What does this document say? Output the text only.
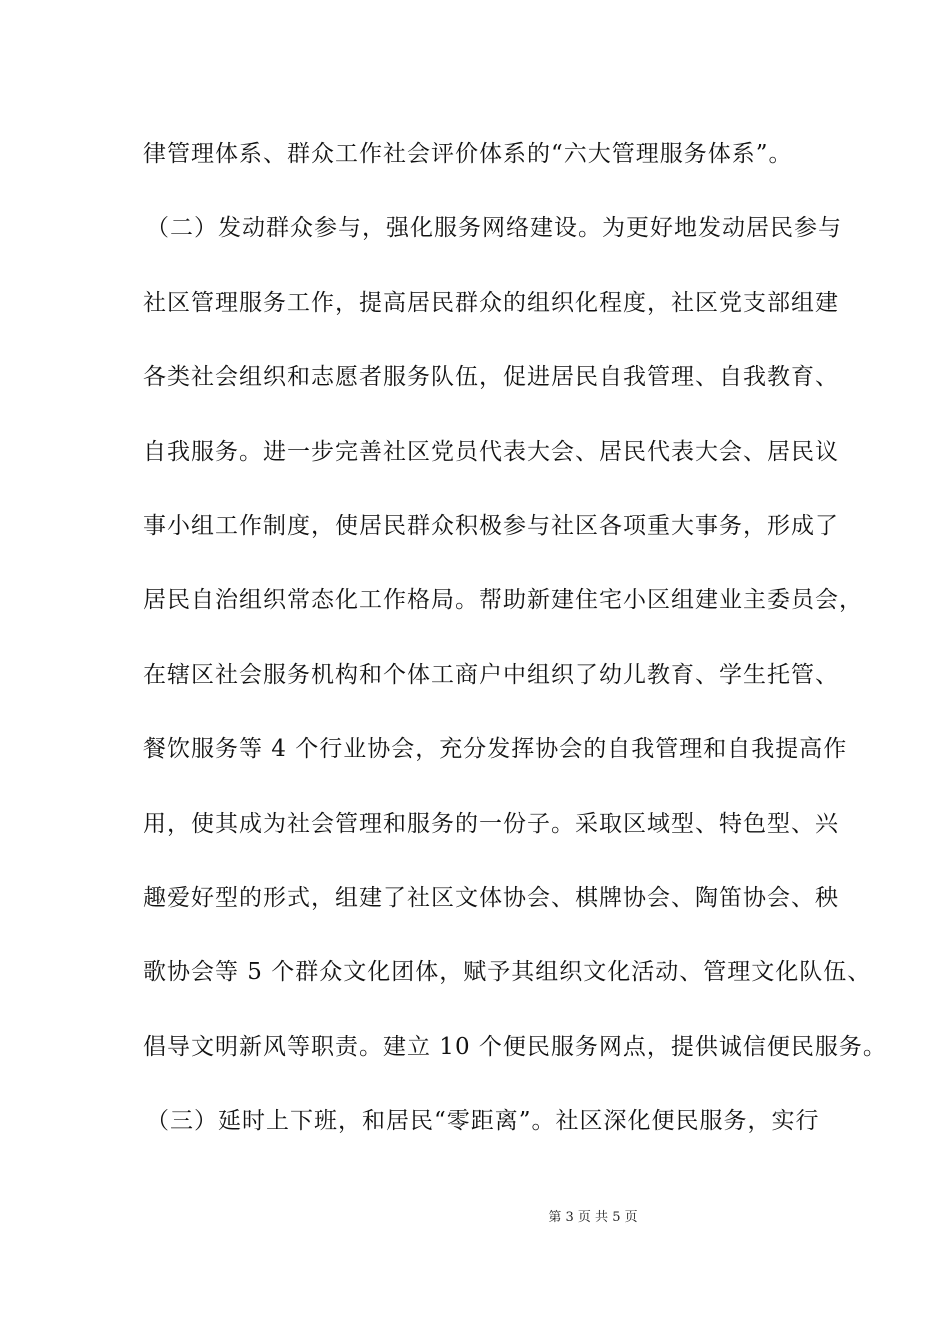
律管理体系、群众工作社会评价体系的“六大管理服务体系”。
（二）发动群众参与，强化服务网络建设。为更好地发动居民参与
社区管理服务工作，提高居民群众的组织化程度，社区党支部组建
各类社会组织和志愿者服务队伍，促进居民自我管理、自我教育、
自我服务。进一步完善社区党员代表大会、居民代表大会、居民议
事小组工作制度，使居民群众积极参与社区各项重大事务，形成了
居民自治组织常态化工作格局。帮助新建住宅小区组建业主委员会，
在辖区社会服务机构和个体工商户中组织了幼儿教育、学生托管、
餐饮服务等 4 个行业协会，充分发挥协会的自我管理和自我提高作
用，使其成为社会管理和服务的一份子。采取区域型、特色型、兴
趣爱好型的形式，组建了社区文体协会、棋牌协会、陶笛协会、秧
歌协会等 5 个群众文化团体，赋予其组织文化活动、管理文化队伍、
倡导文明新风等职责。建立 10 个便民服务网点，提供诚信便民服务。
（三）延时上下班，和居民“零距离”。社区深化便民服务，实行
第 3 页 共 5 页
